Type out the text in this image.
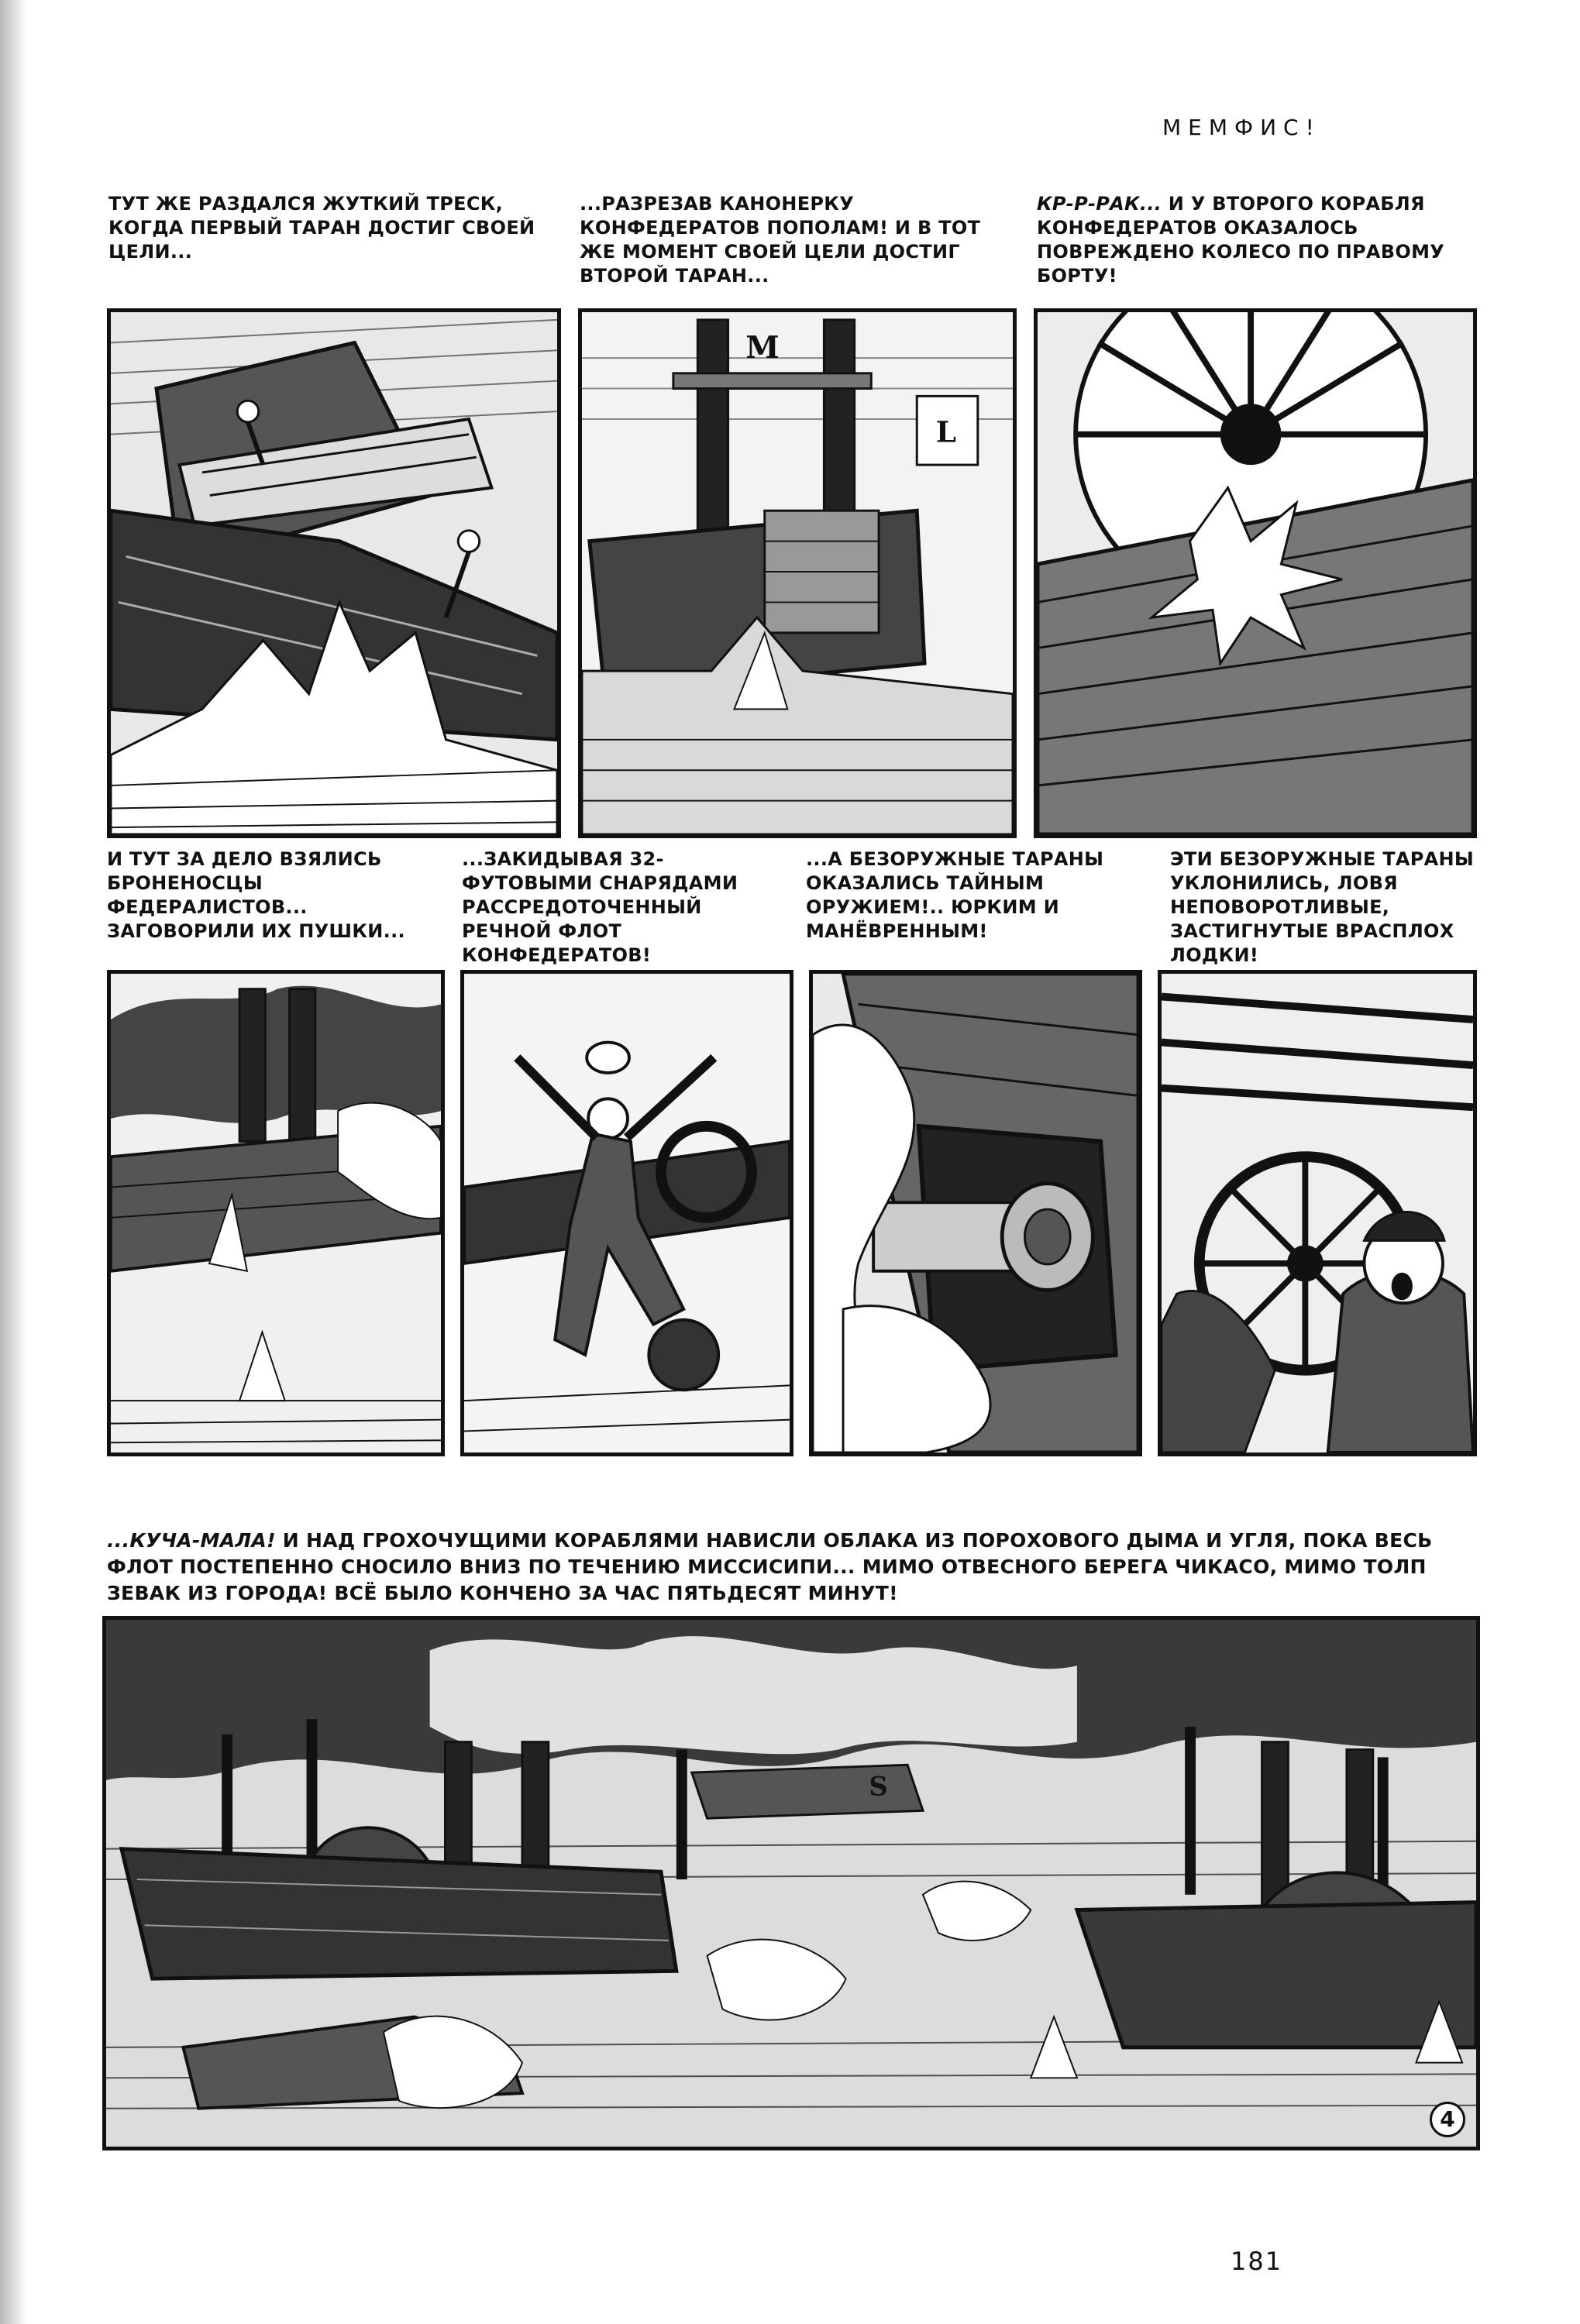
МЕМФИС!
ТУТ ЖЕ РАЗДАЛСЯ ЖУТКИЙ ТРЕСК, КОГДА ПЕРВЫЙ ТАРАН ДОСТИГ СВОЕЙ ЦЕЛИ...
...РАЗРЕЗАВ КАНОНЕРКУ КОНФЕДЕРАТОВ ПОПОЛАМ! И В ТОТ ЖЕ МОМЕНТ СВОЕЙ ЦЕЛИ ДОСТИГ ВТОРОЙ ТАРАН...
КР-Р-РАК... И У ВТОРОГО КОРАБЛЯ КОНФЕДЕРАТОВ ОКАЗАЛОСЬ ПОВРЕЖДЕНО КОЛЕСО ПО ПРАВОМУ БОРТУ!
M
L
И ТУТ ЗА ДЕЛО ВЗЯЛИСЬ БРОНЕНОСЦЫ ФЕДЕРАЛИСТОВ... ЗАГОВОРИЛИ ИХ ПУШКИ...
...ЗАКИДЫВАЯ 32-ФУТОВЫМИ СНАРЯДАМИ РАССРЕДОТОЧЕННЫЙ РЕЧНОЙ ФЛОТ КОНФЕДЕРАТОВ!
...А БЕЗОРУЖНЫЕ ТАРАНЫ ОКАЗАЛИСЬ ТАЙНЫМ ОРУЖИЕМ!.. ЮРКИМ И МАНЁВРЕННЫМ!
ЭТИ БЕЗОРУЖНЫЕ ТАРАНЫ УКЛОНИЛИСЬ, ЛОВЯ НЕПОВОРОТЛИВЫЕ, ЗАСТИГНУТЫЕ ВРАСПЛОХ ЛОДКИ!
...КУЧА-МАЛА! И НАД ГРОХОЧУЩИМИ КОРАБЛЯМИ НАВИСЛИ ОБЛАКА ИЗ ПОРОХОВОГО ДЫМА И УГЛЯ, ПОКА ВЕСЬ ФЛОТ ПОСТЕПЕННО СНОСИЛО ВНИЗ ПО ТЕЧЕНИЮ МИССИСИПИ... МИМО ОТВЕСНОГО БЕРЕГА ЧИКАСО, МИМО ТОЛП ЗЕВАК ИЗ ГОРОДА! ВСЁ БЫЛО КОНЧЕНО ЗА ЧАС ПЯТЬДЕСЯТ МИНУТ!
S
4
181
